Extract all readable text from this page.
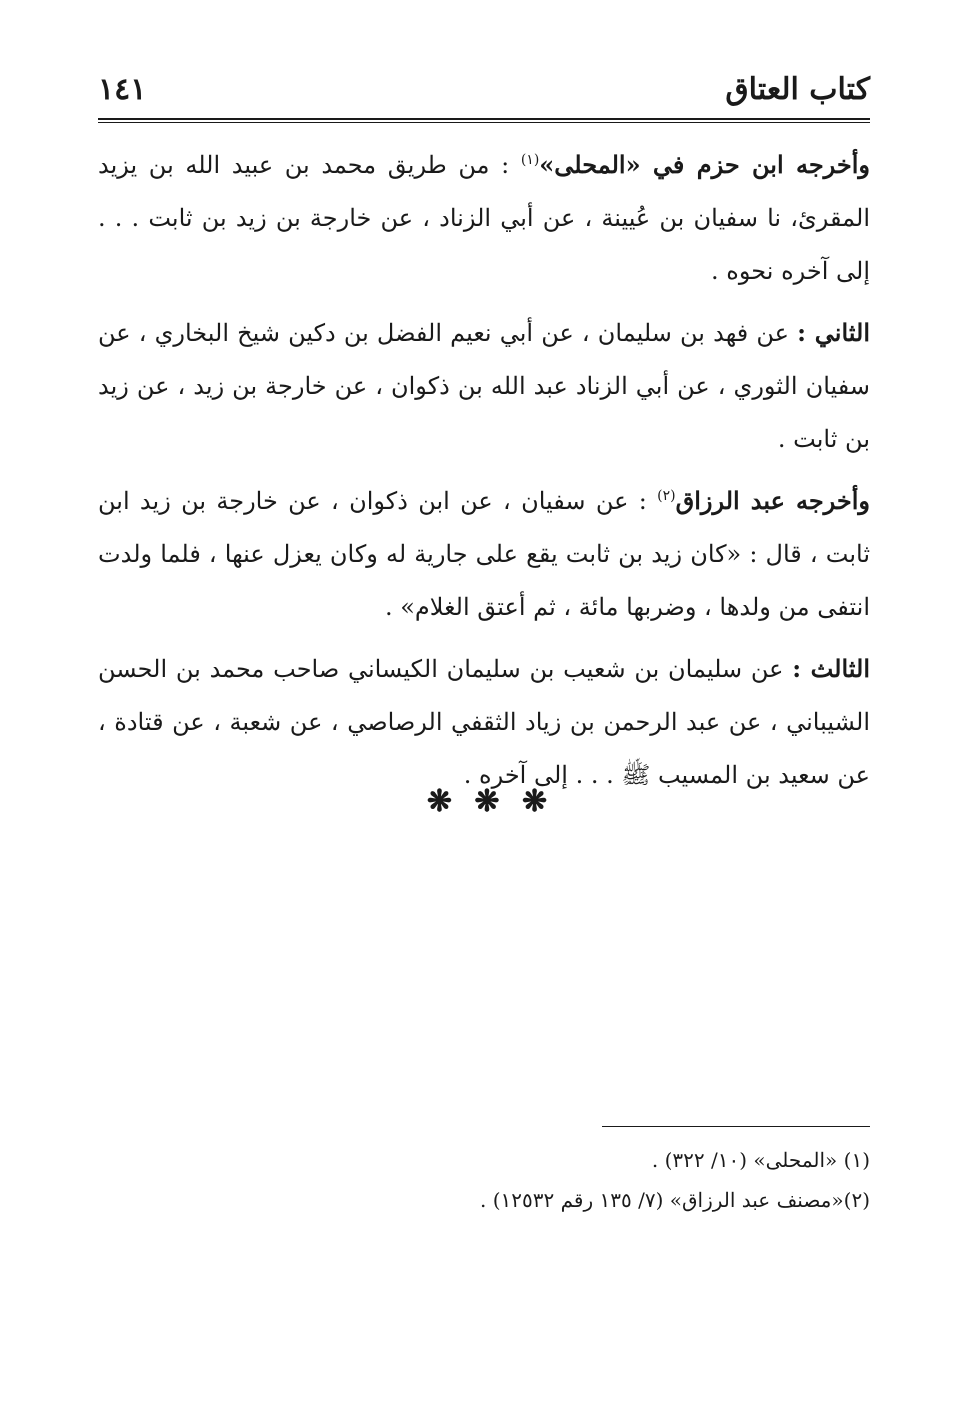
كتاب العتاق
١٤١

وأخرجه ابن حزم في «المحلى»$^{(١)}$ : من طريق محمد بن عبيد الله بن يزيد المقرئ، نا سفيان بن عُيينة ، عن أبي الزناد ، عن خارجة بن زيد بن ثابت . . . إلى آخره نحوه .

الثاني : عن فهد بن سليمان ، عن أبي نعيم الفضل بن دكين شيخ البخاري ، عن سفيان الثوري ، عن أبي الزناد عبد الله بن ذكوان ، عن خارجة بن زيد ، عن زيد بن ثابت .

وأخرجه عبد الرزاق$^{(٢)}$ : عن سفيان ، عن ابن ذكوان ، عن خارجة بن زيد ابن ثابت ، قال : «كان زيد بن ثابت يقع على جارية له وكان يعزل عنها ، فلما ولدت انتفى من ولدها ، وضربها مائة ، ثم أعتق الغلام» .

الثالث : عن سليمان بن شعيب بن سليمان الكيساني صاحب محمد بن الحسن الشيباني ، عن عبد الرحمن بن زياد الثقفي الرصاصي ، عن شعبة ، عن قتادة ، عن سعيد بن المسيب ﷺ . . . إلى آخره .

❋ ❋ ❋

(١) «المحلى» (١٠/ ٣٢٢) .

(٢)«مصنف عبد الرزاق» (٧/ ١٣٥ رقم ١٢٥٣٢) .
